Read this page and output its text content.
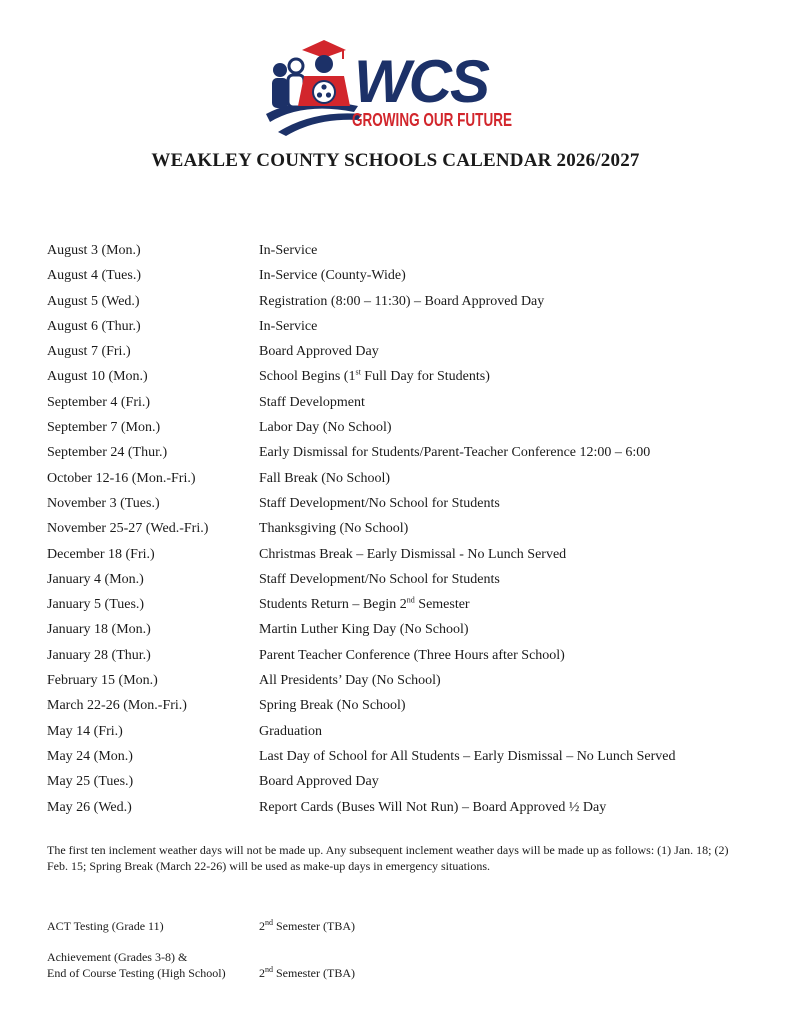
WCS
GROWING OUR FUTURE
WEAKLEY COUNTY SCHOOLS CALENDAR 2026/2027
August 3 (Mon.)	In-Service
August 4 (Tues.)	In-Service (County-Wide)
August 5 (Wed.)	Registration (8:00 – 11:30) – Board Approved Day
August 6 (Thur.)	In-Service
August 7 (Fri.)	Board Approved Day
August 10 (Mon.)	School Begins (1st Full Day for Students)
September 4 (Fri.)	Staff Development
September 7 (Mon.)	Labor Day (No School)
September 24 (Thur.)	Early Dismissal for Students/Parent-Teacher Conference 12:00 – 6:00
October 12-16 (Mon.-Fri.)	Fall Break (No School)
November 3 (Tues.)	Staff Development/No School for Students
November 25-27 (Wed.-Fri.)	Thanksgiving (No School)
December 18 (Fri.)	Christmas Break – Early Dismissal - No Lunch Served
January 4 (Mon.)	Staff Development/No School for Students
January 5 (Tues.)	Students Return – Begin 2nd Semester
January 18 (Mon.)	Martin Luther King Day (No School)
January 28 (Thur.)	Parent Teacher Conference (Three Hours after School)
February 15 (Mon.)	All Presidents’ Day (No School)
March 22-26 (Mon.-Fri.)	Spring Break (No School)
May 14 (Fri.)	Graduation
May 24 (Mon.)	Last Day of School for All Students – Early Dismissal – No Lunch Served
May 25 (Tues.)	Board Approved Day
May 26 (Wed.)	Report Cards (Buses Will Not Run) – Board Approved ½ Day
The first ten inclement weather days will not be made up. Any subsequent inclement weather days will be made up as follows: (1) Jan. 18; (2) Feb. 15; Spring Break (March 22-26) will be used as make-up days in emergency situations.
ACT Testing (Grade 11)	2nd Semester (TBA)
Achievement (Grades 3-8) &
End of Course Testing (High School)	2nd Semester (TBA)
